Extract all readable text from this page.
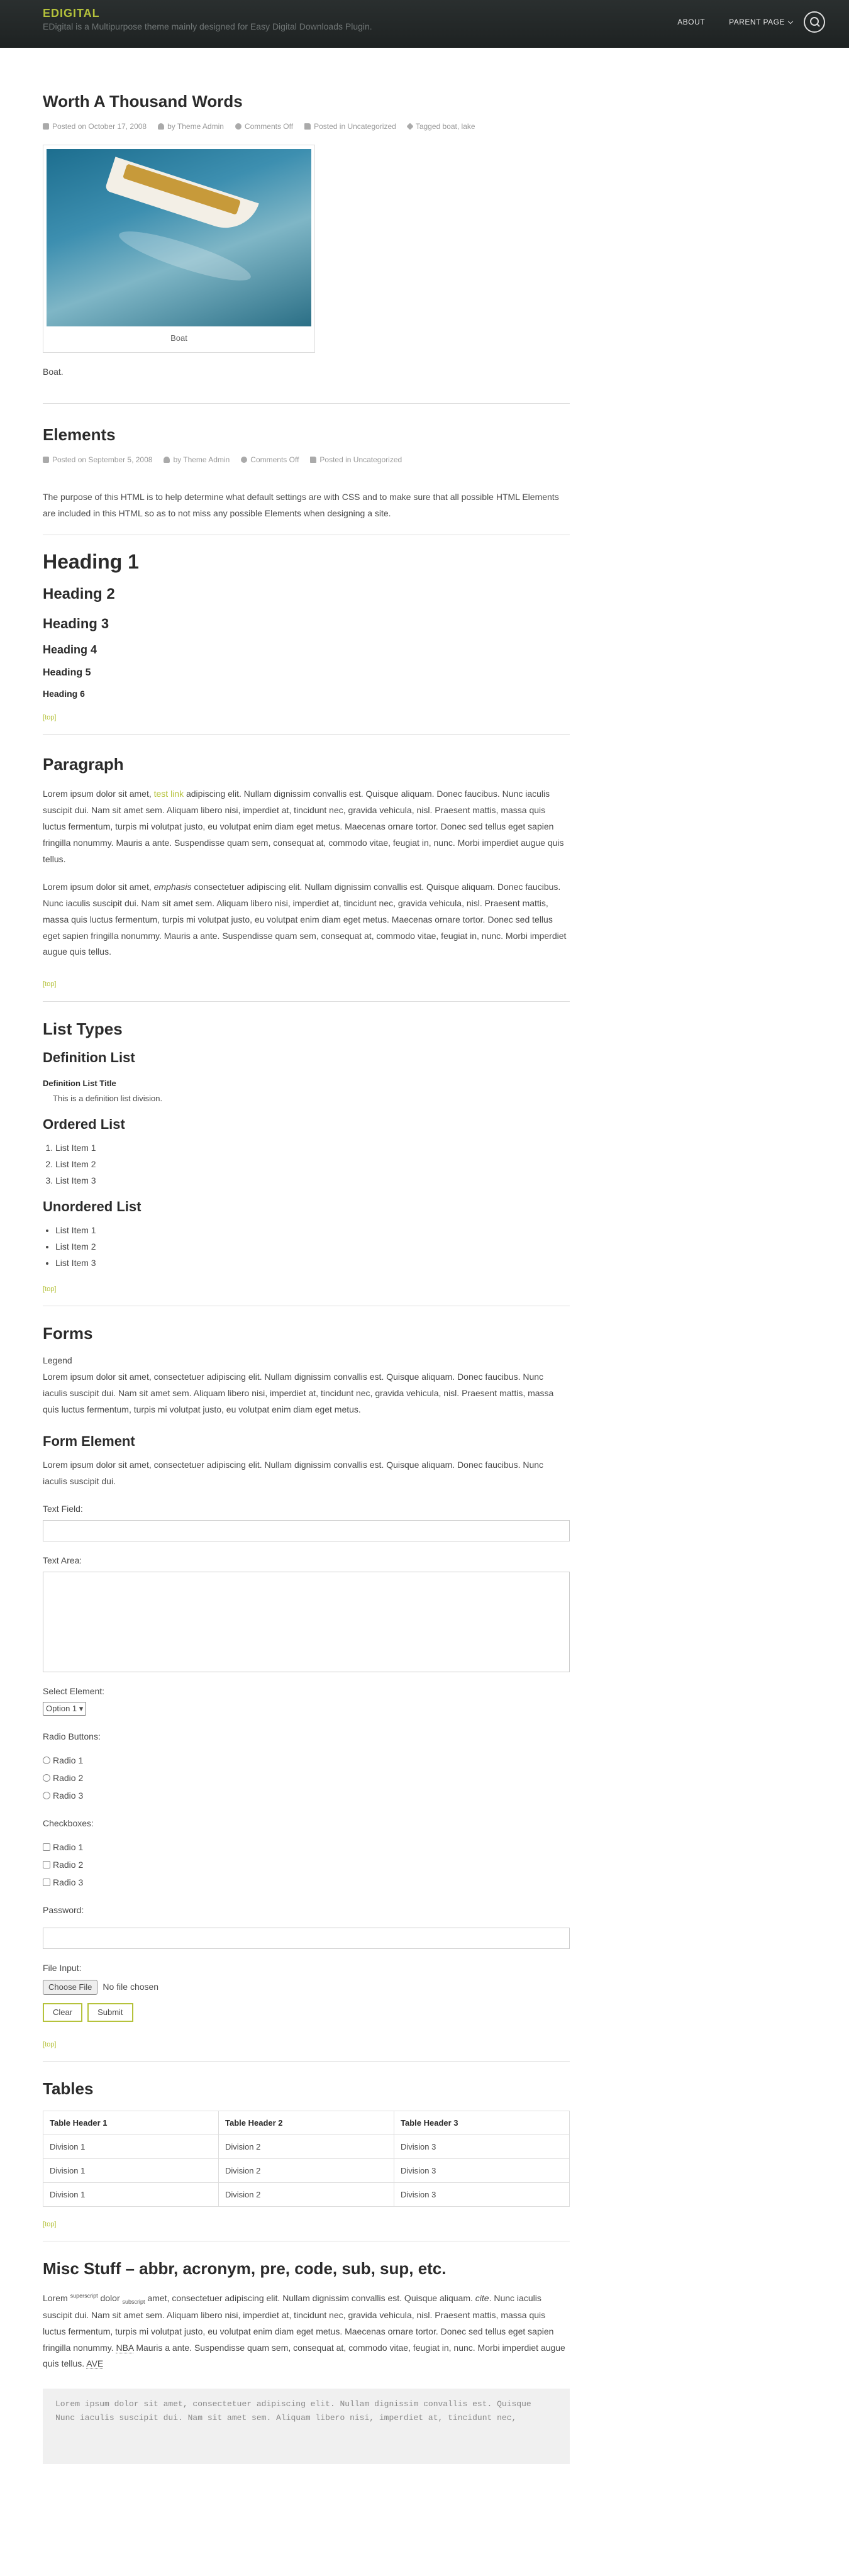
EDIGITAL
EDigital is a Multipurpose theme mainly designed for Easy Digital Downloads Plugin.	ABOUT	PARENT PAGE
Worth A Thousand Words
Posted on October 17, 2008	by Theme Admin	Comments Off	Posted in Uncategorized	Tagged boat, lake
Boat

Boat.

Elements
Posted on September 5, 2008	by Theme Admin	Comments Off	Posted in Uncategorized

The purpose of this HTML is to help determine what default settings are with CSS and to make sure that all possible HTML Elements are included in this HTML so as to not miss any possible Elements when designing a site.

Heading 1
Heading 2
Heading 3
Heading 4
Heading 5
Heading 6
[top]
Paragraph

Lorem ipsum dolor sit amet, test link adipiscing elit. Nullam dignissim convallis est. Quisque aliquam. Donec faucibus. Nunc iaculis suscipit dui. Nam sit amet sem. Aliquam libero nisi, imperdiet at, tincidunt nec, gravida vehicula, nisl. Praesent mattis, massa quis luctus fermentum, turpis mi volutpat justo, eu volutpat enim diam eget metus. Maecenas ornare tortor. Donec sed tellus eget sapien fringilla nonummy. Mauris a ante. Suspendisse quam sem, consequat at, commodo vitae, feugiat in, nunc. Morbi imperdiet augue quis tellus.

Lorem ipsum dolor sit amet, emphasis consectetuer adipiscing elit. Nullam dignissim convallis est. Quisque aliquam. Donec faucibus. Nunc iaculis suscipit dui. Nam sit amet sem. Aliquam libero nisi, imperdiet at, tincidunt nec, gravida vehicula, nisl. Praesent mattis, massa quis luctus fermentum, turpis mi volutpat justo, eu volutpat enim diam eget metus. Maecenas ornare tortor. Donec sed tellus eget sapien fringilla nonummy. Mauris a ante. Suspendisse quam sem, consequat at, commodo vitae, feugiat in, nunc. Morbi imperdiet augue quis tellus.

[top]
List Types
Definition List
Definition List Title
This is a definition list division.
Ordered List
1. List Item 1
2. List Item 2
3. List Item 3
Unordered List
• List Item 1
• List Item 2
• List Item 3
[top]
Forms
Legend

Lorem ipsum dolor sit amet, consectetuer adipiscing elit. Nullam dignissim convallis est. Quisque aliquam. Donec faucibus. Nunc iaculis suscipit dui. Nam sit amet sem. Aliquam libero nisi, imperdiet at, tincidunt nec, gravida vehicula, nisl. Praesent mattis, massa quis luctus fermentum, turpis mi volutpat justo, eu volutpat enim diam eget metus.

Form Element

Lorem ipsum dolor sit amet, consectetuer adipiscing elit. Nullam dignissim convallis est. Quisque aliquam. Donec faucibus. Nunc iaculis suscipit dui.

Text Field:
Text Area:
Select Element:
Option 1 ▾
Radio Buttons:
Radio 1
Radio 2
Radio 3
Checkboxes:
Radio 1
Radio 2
Radio 3
Password:
File Input:
Choose File	No file chosen
Clear	Submit
[top]
Tables
Table Header 1	Table Header 2	Table Header 3
Division 1	Division 2	Division 3
Division 1	Division 2	Division 3
Division 1	Division 2	Division 3
[top]
Misc Stuff – abbr, acronym, pre, code, sub, sup, etc.

Lorem $^{superscript}$ dolor $_{subscript}$ amet, consectetuer adipiscing elit. Nullam dignissim convallis est. Quisque aliquam. cite. Nunc iaculis suscipit dui. Nam sit amet sem. Aliquam libero nisi, imperdiet at, tincidunt nec, gravida vehicula, nisl. Praesent mattis, massa quis luctus fermentum, turpis mi volutpat justo, eu volutpat enim diam eget metus. Maecenas ornare tortor. Donec sed tellus eget sapien fringilla nonummy. NBA Mauris a ante. Suspendisse quam sem, consequat at, commodo vitae, feugiat in, nunc. Morbi imperdiet augue quis tellus. AVE

Lorem ipsum dolor sit amet, consectetuer adipiscing elit. Nullam dignissim convallis est. Quisque
Nunc iaculis suscipit dui. Nam sit amet sem. Aliquam libero nisi, imperdiet at, tincidunt nec,
